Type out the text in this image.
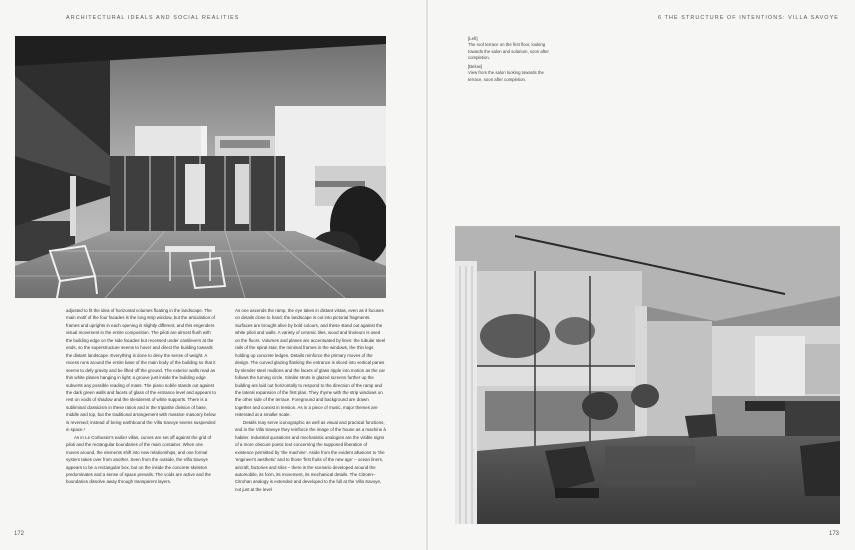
ARCHITECTURAL IDEALS AND SOCIAL REALITIES

adjusted to fit the idea of horizontal volumes floating in the landscape. The main motif of the four facades is the long strip window, but the articulation of frames and uprights in each opening is slightly different, and this engenders visual movement in the entire composition. The piloti are almost flush with the building edge on the side facades but recessed under cantilevers at the ends, so the superstructure seems to hover and direct the building towards the distant landscape. Everything is done to deny the sense of weight. A recess runs around the entire base of the main body of the building so that it seems to defy gravity and be lifted off the ground. The exterior walls read as thin white planes hanging in light; a groove just inside the building edge subverts any possible reading of mass. The piano nobile stands out against the dark green walls and facets of glass of the entrance level and appears to rest on voids of shadow and the slenderest of white supports. There is a subliminal classicism in these ratios and in the tripartite division of base, middle and top, but the traditional arrangement with massive masonry below is reversed; instead of being earthbound the Villa Savoye seems suspended in space.¹

As in Le Corbusier's earlier villas, curves are set off against the grid of piloti and the rectangular boundaries of the main container. When one moves around, the elements shift into new relationships, and one formal system takes over from another. Seen from the outside, the Villa Savoye appears to be a rectangular box, but on the inside the concrete skeleton predominates and a sense of space prevails. The voids are active and the boundaries dissolve away through transparent layers.

As one ascends the ramp, the eye takes in distant vistas, even as it focuses on details close to hand; the landscape is cut into pictorial fragments. Surfaces are brought alive by bold colours, and these stand out against the white piloti and walls. A variety of ceramic tiles, wood and linoleum is used on the floors. Volumes and planes are accentuated by lines: the tubular steel rails of the spiral stair, the minimal frames in the windows, the thin legs holding up concrete ledges. Details reinforce the primary moves of the design. The curved glazing flanking the entrance is sliced into vertical panes by slender steel mullions and the facets of glass ripple into motion as the car follows the turning circle. Similar struts in glazed screens further up the building are laid out horizontally to respond to the direction of the ramp and the lateral expansion of the first plan. They rhyme with the strip windows on the other side of the terrace. Foreground and background are drawn together and coexist in tension. As in a piece of music, major themes are reiterated at a smaller scale.

Details may serve iconographic as well as visual and practical functions, and in the Villa Savoye they reinforce the image of the house as a machine à habiter. Industrial quotations and mechanistic analogies are the visible signs of a more obscure poetic text concerning the supposed liberation of existence permitted by 'the machine'. Aside from the evident allusions to 'the 'engineer's aesthetic' and to those 'first fruits of the new age' – ocean liners, aircraft, factories and silos – there is the scenario developed around the automobile, its form, its movement, its mechanical details. The Citroën–Citrohan analogy is extended and developed to the full at the Villa Savoye, not just at the level

172
6 THE STRUCTURE OF INTENTIONS: VILLA SAVOYE

[Left]
The roof terrace on the first floor, looking towards the salon and solarium, soon after completion.

[Below]
View from the salon looking towards the terrace, soon after completion.

173
